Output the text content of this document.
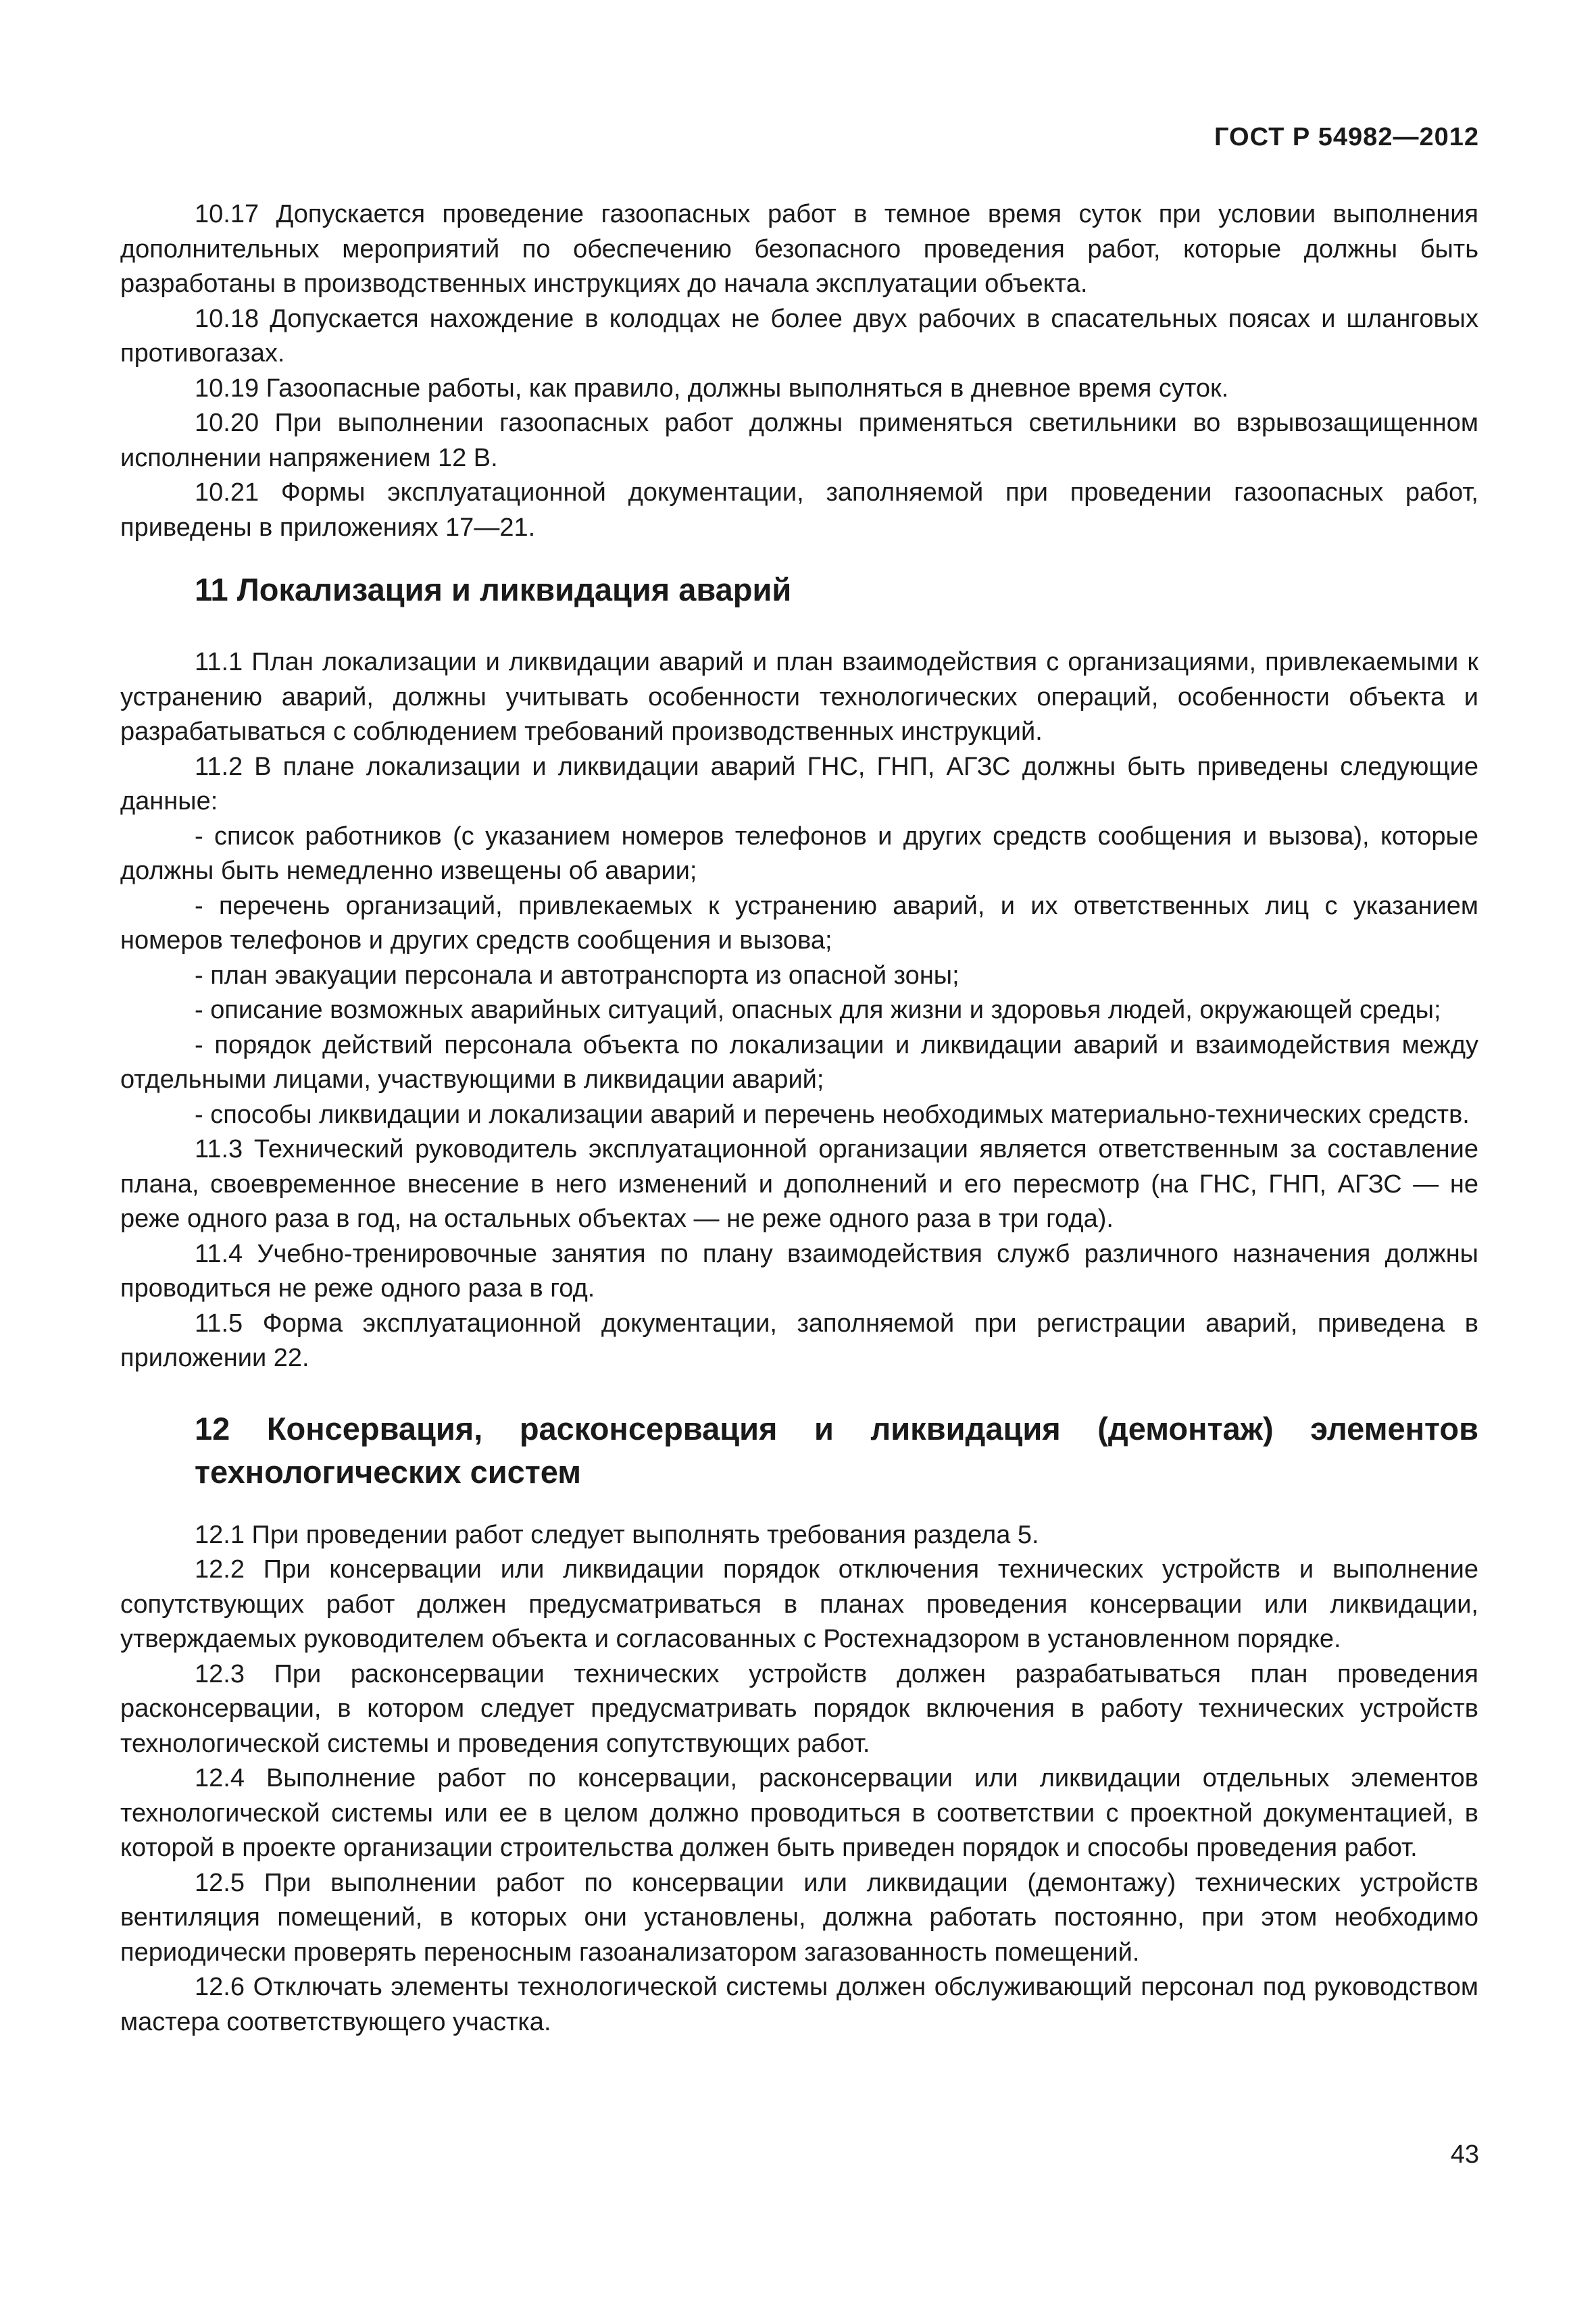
ГОСТ Р 54982—2012

10.17 Допускается проведение газоопасных работ в темное время суток при условии выполнения дополнительных мероприятий по обеспечению безопасного проведения работ, которые должны быть разработаны в производственных инструкциях до начала эксплуатации объекта.

10.18 Допускается нахождение в колодцах не более двух рабочих в спасательных поясах и шланговых противогазах.

10.19 Газоопасные работы, как правило, должны выполняться в дневное время суток.

10.20 При выполнении газоопасных работ должны применяться светильники во взрывозащищенном исполнении напряжением 12 В.

10.21 Формы эксплуатационной документации, заполняемой при проведении газоопасных работ, приведены в приложениях 17—21.

11 Локализация и ликвидация аварий

11.1 План локализации и ликвидации аварий и план взаимодействия с организациями, привлекаемыми к устранению аварий, должны учитывать особенности технологических операций, особенности объекта и разрабатываться с соблюдением требований производственных инструкций.

11.2 В плане локализации и ликвидации аварий ГНС, ГНП, АГЗС должны быть приведены следующие данные:

- список работников (с указанием номеров телефонов и других средств сообщения и вызова), которые должны быть немедленно извещены об аварии;

- перечень организаций, привлекаемых к устранению аварий, и их ответственных лиц с указанием номеров телефонов и других средств сообщения и вызова;

- план эвакуации персонала и автотранспорта из опасной зоны;

- описание возможных аварийных ситуаций, опасных для жизни и здоровья людей, окружающей среды;

- порядок действий персонала объекта по локализации и ликвидации аварий и взаимодействия между отдельными лицами, участвующими в ликвидации аварий;

- способы ликвидации и локализации аварий и перечень необходимых материально-технических средств.

11.3 Технический руководитель эксплуатационной организации является ответственным за составление плана, своевременное внесение в него изменений и дополнений и его пересмотр (на ГНС, ГНП, АГЗС — не реже одного раза в год, на остальных объектах — не реже одного раза в три года).

11.4 Учебно-тренировочные занятия по плану взаимодействия служб различного назначения должны проводиться не реже одного раза в год.

11.5 Форма эксплуатационной документации, заполняемой при регистрации аварий, приведена в приложении 22.

12 Консервация, расконсервация и ликвидация (демонтаж) элементов технологических систем

12.1 При проведении работ следует выполнять требования раздела 5.

12.2 При консервации или ликвидации порядок отключения технических устройств и выполнение сопутствующих работ должен предусматриваться в планах проведения консервации или ликвидации, утверждаемых руководителем объекта и согласованных с Ростехнадзором в установленном порядке.

12.3 При расконсервации технических устройств должен разрабатываться план проведения расконсервации, в котором следует предусматривать порядок включения в работу технических устройств технологической системы и проведения сопутствующих работ.

12.4 Выполнение работ по консервации, расконсервации или ликвидации отдельных элементов технологической системы или ее в целом должно проводиться в соответствии с проектной документацией, в которой в проекте организации строительства должен быть приведен порядок и способы проведения работ.

12.5 При выполнении работ по консервации или ликвидации (демонтажу) технических устройств вентиляция помещений, в которых они установлены, должна работать постоянно, при этом необходимо периодически проверять переносным газоанализатором загазованность помещений.

12.6 Отключать элементы технологической системы должен обслуживающий персонал под руководством мастера соответствующего участка.

43
